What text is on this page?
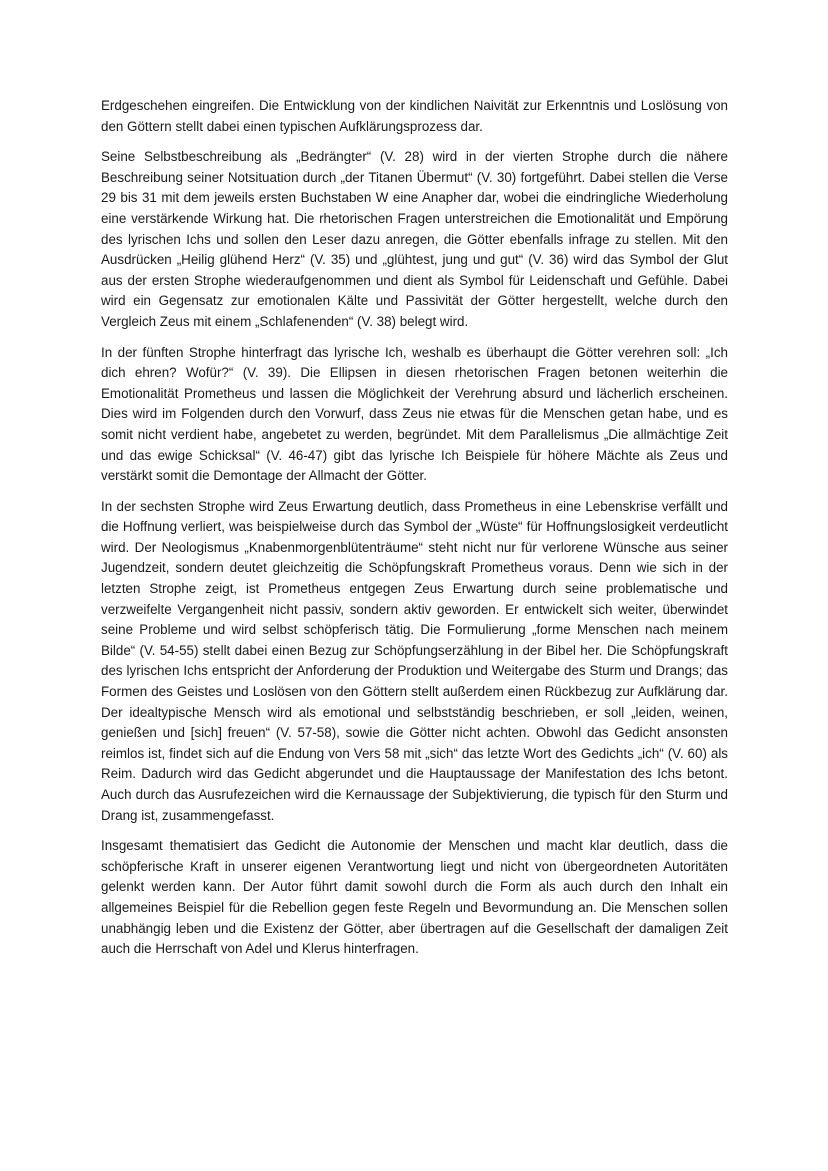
Erdgeschehen eingreifen. Die Entwicklung von der kindlichen Naivität zur Erkenntnis und Loslösung von den Göttern stellt dabei einen typischen Aufklärungsprozess dar.

Seine Selbstbeschreibung als „Bedrängter“ (V. 28) wird in der vierten Strophe durch die nähere Beschreibung seiner Notsituation durch „der Titanen Übermut“ (V. 30) fortgeführt. Dabei stellen die Verse 29 bis 31 mit dem jeweils ersten Buchstaben W eine Anapher dar, wobei die eindringliche Wiederholung eine verstärkende Wirkung hat. Die rhetorischen Fragen unterstreichen die Emotionalität und Empörung des lyrischen Ichs und sollen den Leser dazu anregen, die Götter ebenfalls infrage zu stellen. Mit den Ausdrücken „Heilig glühend Herz“ (V. 35) und „glühtest, jung und gut“ (V. 36) wird das Symbol der Glut aus der ersten Strophe wiederaufgenommen und dient als Symbol für Leidenschaft und Gefühle. Dabei wird ein Gegensatz zur emotionalen Kälte und Passivität der Götter hergestellt, welche durch den Vergleich Zeus mit einem „Schlafenenden“ (V. 38) belegt wird.

In der fünften Strophe hinterfragt das lyrische Ich, weshalb es überhaupt die Götter verehren soll: „Ich dich ehren? Wofür?“ (V. 39). Die Ellipsen in diesen rhetorischen Fragen betonen weiterhin die Emotionalität Prometheus und lassen die Möglichkeit der Verehrung absurd und lächerlich erscheinen. Dies wird im Folgenden durch den Vorwurf, dass Zeus nie etwas für die Menschen getan habe, und es somit nicht verdient habe, angebetet zu werden, begründet. Mit dem Parallelismus „Die allmächtige Zeit und das ewige Schicksal“ (V. 46-47) gibt das lyrische Ich Beispiele für höhere Mächte als Zeus und verstärkt somit die Demontage der Allmacht der Götter.

In der sechsten Strophe wird Zeus Erwartung deutlich, dass Prometheus in eine Lebenskrise verfällt und die Hoffnung verliert, was beispielweise durch das Symbol der „Wüste“ für Hoffnungslosigkeit verdeutlicht wird. Der Neologismus „Knabenmorgenblütenträume“ steht nicht nur für verlorene Wünsche aus seiner Jugendzeit, sondern deutet gleichzeitig die Schöpfungskraft Prometheus voraus. Denn wie sich in der letzten Strophe zeigt, ist Prometheus entgegen Zeus Erwartung durch seine problematische und verzweifelte Vergangenheit nicht passiv, sondern aktiv geworden. Er entwickelt sich weiter, überwindet seine Probleme und wird selbst schöpferisch tätig. Die Formulierung „forme Menschen nach meinem Bilde“ (V. 54-55) stellt dabei einen Bezug zur Schöpfungserzählung in der Bibel her. Die Schöpfungskraft des lyrischen Ichs entspricht der Anforderung der Produktion und Weitergabe des Sturm und Drangs; das Formen des Geistes und Loslösen von den Göttern stellt außerdem einen Rückbezug zur Aufklärung dar. Der idealtypische Mensch wird als emotional und selbstständig beschrieben, er soll „leiden, weinen, genießen und [sich] freuen“ (V. 57-58), sowie die Götter nicht achten. Obwohl das Gedicht ansonsten reimlos ist, findet sich auf die Endung von Vers 58 mit „sich“ das letzte Wort des Gedichts „ich“ (V. 60) als Reim. Dadurch wird das Gedicht abgerundet und die Hauptaussage der Manifestation des Ichs betont. Auch durch das Ausrufezeichen wird die Kernaussage der Subjektivierung, die typisch für den Sturm und Drang ist, zusammengefasst.

Insgesamt thematisiert das Gedicht die Autonomie der Menschen und macht klar deutlich, dass die schöpferische Kraft in unserer eigenen Verantwortung liegt und nicht von übergeordneten Autoritäten gelenkt werden kann. Der Autor führt damit sowohl durch die Form als auch durch den Inhalt ein allgemeines Beispiel für die Rebellion gegen feste Regeln und Bevormundung an. Die Menschen sollen unabhängig leben und die Existenz der Götter, aber übertragen auf die Gesellschaft der damaligen Zeit auch die Herrschaft von Adel und Klerus hinterfragen.
